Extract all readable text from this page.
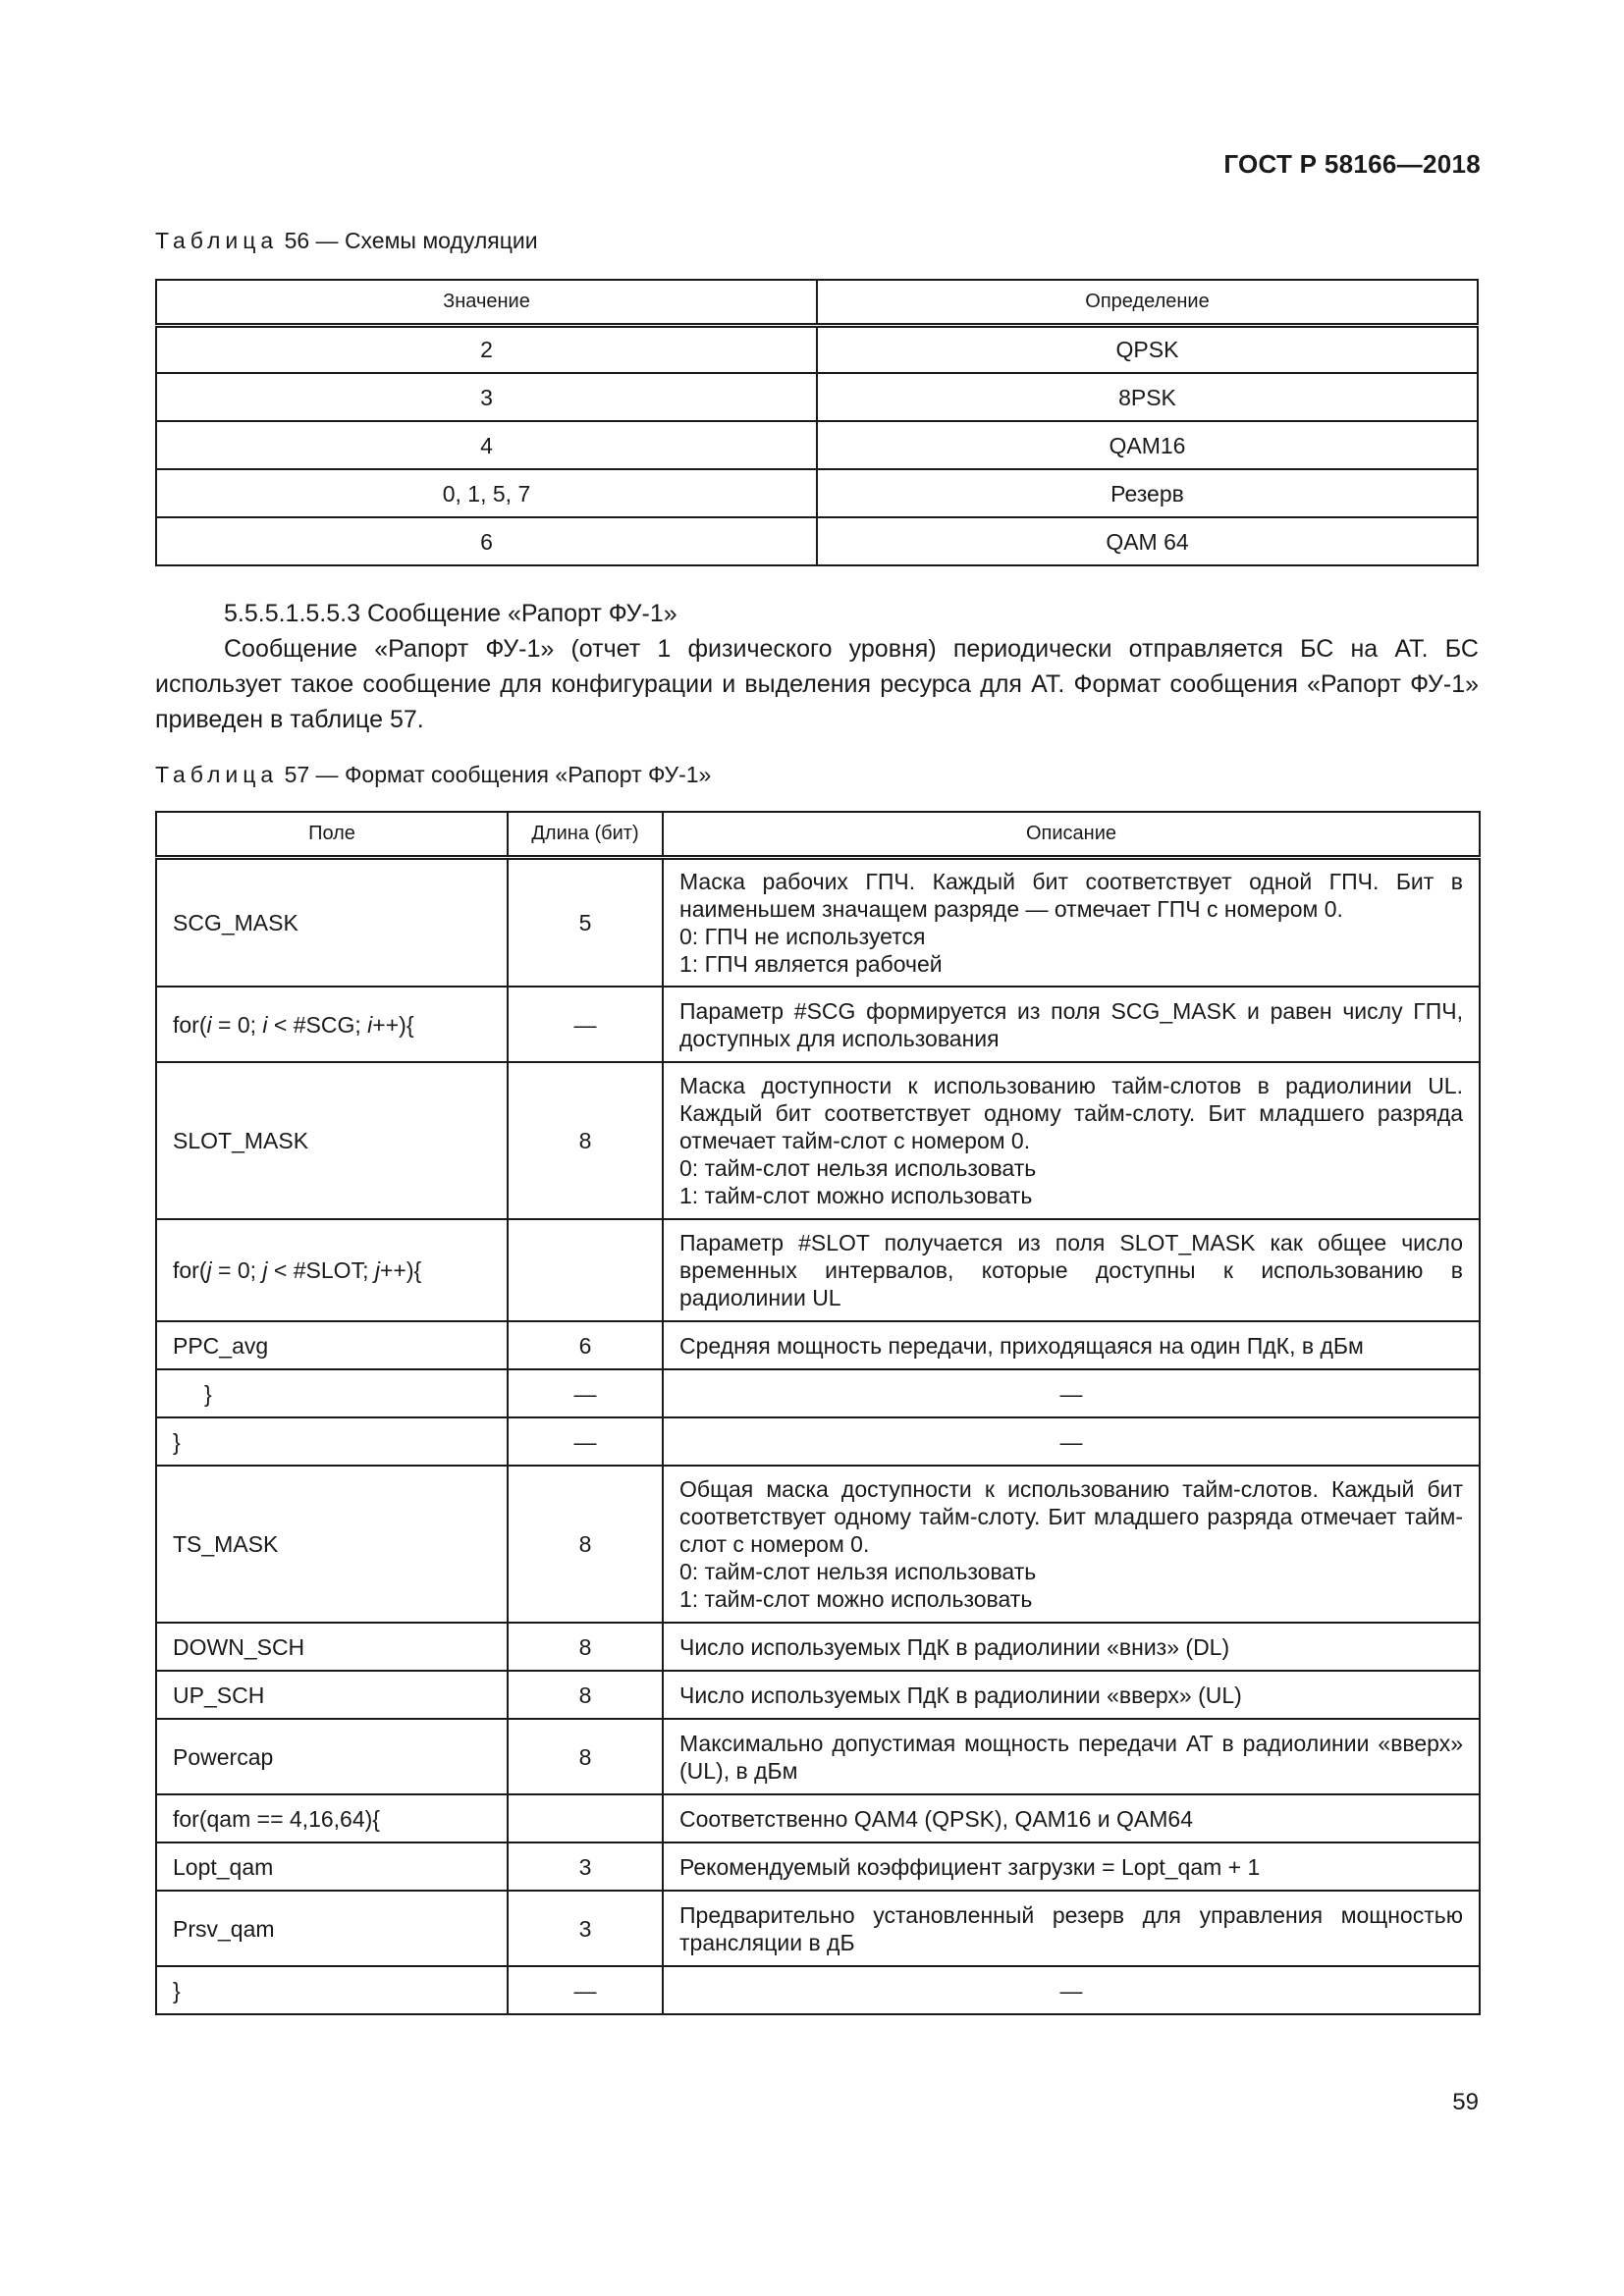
ГОСТ Р 58166—2018
Таблица 56 — Схемы модуляции
Значение	Определение
2	QPSK
3	8PSK
4	QAM16
0, 1, 5, 7	Резерв
6	QAM 64

5.5.5.1.5.5.3 Сообщение «Рапорт ФУ-1»

Сообщение «Рапорт ФУ-1» (отчет 1 физического уровня) периодически отправляется БС на АТ. БС использует такое сообщение для конфигурации и выделения ресурса для АТ. Формат сообщения «Рапорт ФУ-1» приведен в таблице 57.

Таблица 57 — Формат сообщения «Рапорт ФУ-1»
Поле	Длина (бит)	Описание
SCG_MASK	5	Маска рабочих ГПЧ. Каждый бит соответствует одной ГПЧ. Бит в наименьшем значащем разряде — отмечает ГПЧ с номером 0.
0: ГПЧ не используется
1: ГПЧ является рабочей

for(i = 0; i < #SCG; i++){	—	Параметр #SCG формируется из поля SCG_MASK и равен числу ГПЧ, доступных для использования

SLOT_MASK	8	Маска доступности к использованию тайм-слотов в радиолинии UL. Каждый бит соответствует одному тайм-слоту. Бит младшего разряда отмечает тайм-слот с номером 0.
0: тайм-слот нельзя использовать
1: тайм-слот можно использовать

for(j = 0; j < #SLOT; j++){		Параметр #SLOT получается из поля SLOT_MASK как общее число временных интервалов, которые доступны к использованию в радиолинии UL

PPC_avg	6	Средняя мощность передачи, приходящаяся на один ПдК, в дБм

}	—	—
}	—	—
TS_MASK	8	Общая маска доступности к использованию тайм-слотов. Каждый бит соответствует одному тайм-слоту. Бит младшего разряда отмечает тайм-слот с номером 0.
0: тайм-слот нельзя использовать
1: тайм-слот можно использовать

DOWN_SCH	8	Число используемых ПдК в радиолинии «вниз» (DL)

UP_SCH	8	Число используемых ПдК в радиолинии «вверх» (UL)

Powercap	8	Максимально допустимая мощность передачи АТ в радиолинии «вверх» (UL), в дБм

for(qam == 4,16,64){		Соответственно QAM4 (QPSK), QAM16 и QAM64

Lopt_qam	3	Рекомендуемый коэффициент загрузки = Lopt_qam + 1

Prsv_qam	3	Предварительно установленный резерв для управления мощностью трансляции в дБ

}	—	—
59
